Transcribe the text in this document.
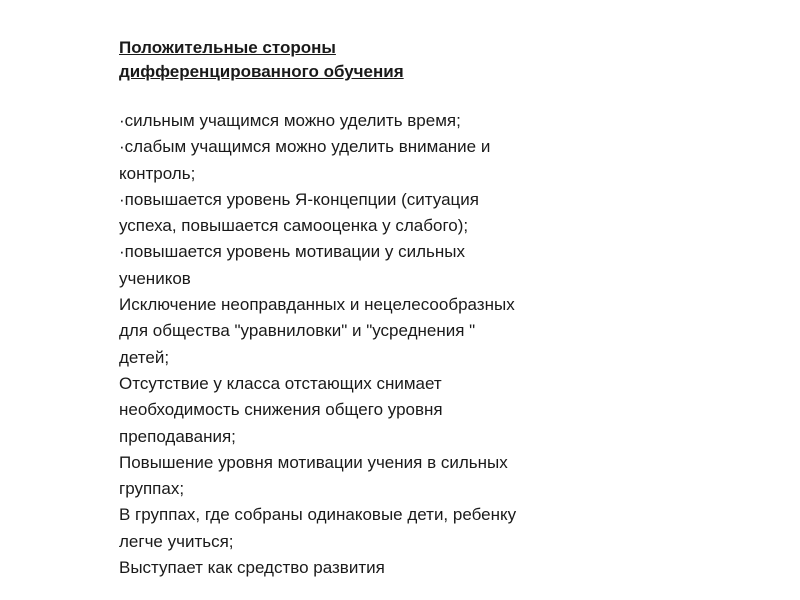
Положительные стороны
дифференцированного обучения
·сильным учащимся можно уделить время;
·слабым учащимся можно уделить внимание и
контроль;
·повышается уровень Я-концепции (ситуация
успеха, повышается самооценка у слабого);
·повышается уровень мотивации у сильных
учеников
Исключение неоправданных и нецелесообразных
для общества "уравниловки" и "усреднения "
детей;
Отсутствие у класса отстающих снимает
необходимость снижения общего уровня
преподавания;
Повышение уровня мотивации учения в сильных
группах;
В группах, где собраны одинаковые дети, ребенку
легче учиться;
Выступает как средство развития
